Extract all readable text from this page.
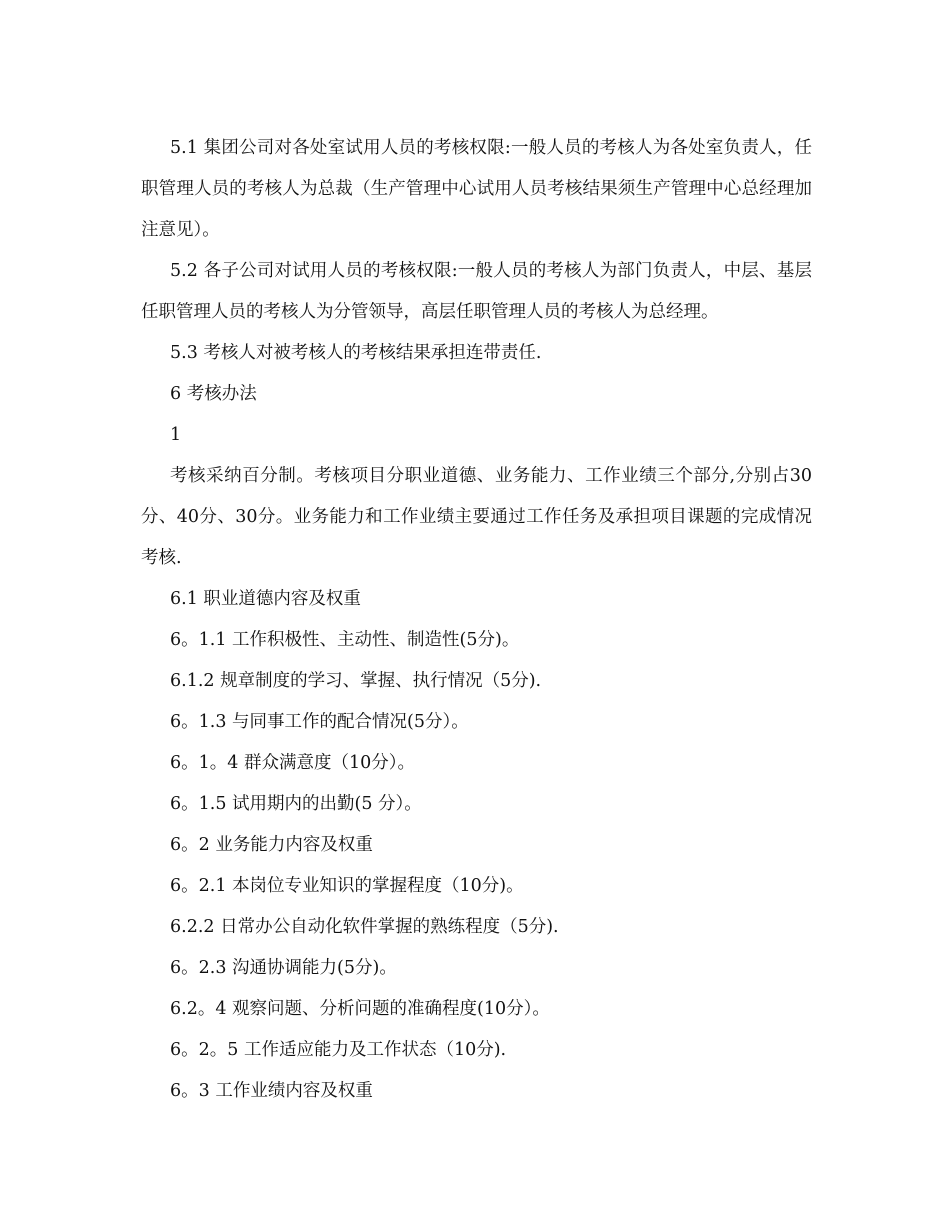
5.1 集团公司对各处室试用人员的考核权限:一般人员的考核人为各处室负责人，任职管理人员的考核人为总裁（生产管理中心试用人员考核结果须生产管理中心总经理加注意见）。

5.2 各子公司对试用人员的考核权限:一般人员的考核人为部门负责人，中层、基层任职管理人员的考核人为分管领导，高层任职管理人员的考核人为总经理。

5.3 考核人对被考核人的考核结果承担连带责任.

6 考核办法

1

考核采纳百分制。考核项目分职业道德、业务能力、工作业绩三个部分,分别占30分、40分、30分。业务能力和工作业绩主要通过工作任务及承担项目课题的完成情况考核.

6.1 职业道德内容及权重

6。1.1 工作积极性、主动性、制造性(5分)。

6.1.2 规章制度的学习、掌握、执行情况（5分).

6。1.3 与同事工作的配合情况(5分）。

6。1。4 群众满意度（10分）。

6。1.5 试用期内的出勤(5 分）。

6。2 业务能力内容及权重

6。2.1 本岗位专业知识的掌握程度（10分)。

6.2.2 日常办公自动化软件掌握的熟练程度（5分).

6。2.3 沟通协调能力(5分)。

6.2。4 观察问题、分析问题的准确程度(10分）。

6。2。5 工作适应能力及工作状态（10分).

6。3 工作业绩内容及权重
